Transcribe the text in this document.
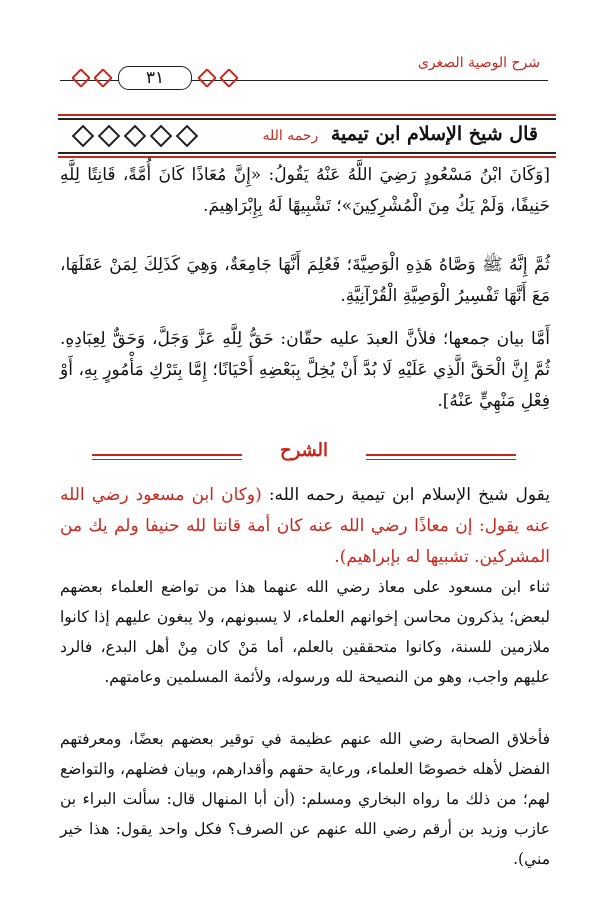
شرح الوصية الصغرى
٣١
قال شيخ الإسلام ابن تيمية رحمه الله

[وَكَانَ ابْنُ مَسْعُودٍ رَضِيَ اللَّهُ عَنْهُ يَقُولُ: «إِنَّ مُعَاذًا كَانَ أُمَّةً، قَانِتًا لِلَّهِ حَنِيفًا، وَلَمْ يَكُ مِنَ الْمُشْرِكِينَ»؛ تَشْبِيهًا لَهُ بِإِبْرَاهِيمَ.

ثُمَّ إِنَّهُ ﷺ وَصَّاهُ هَذِهِ الْوَصِيَّةَ؛ فَعُلِمَ أَنَّهَا جَامِعَةٌ، وَهِيَ كَذَلِكَ لِمَنْ عَقَلَهَا، مَعَ أَنَّهَا تَفْسِيرُ الْوَصِيَّةِ الْقُرْآنِيَّةِ.

أَمَّا بيان جمعها؛ فلأنَّ العبدَ عليه حقّان: حَقُّ لِلَّهِ عَزَّ وَجَلَّ، وَحَقٌّ لِعِبَادِهِ. ثُمَّ إِنَّ الْحَقَّ الَّذِي عَلَيْهِ لَا بُدَّ أَنْ يُخِلَّ بِبَعْضِهِ أَحْيَانًا؛ إِمَّا بِتَرْكِ مَأْمُورٍ بِهِ، أَوْ فِعْلِ مَنْهِيٍّ عَنْهُ].

الشرح

يقول شيخ الإسلام ابن تيمية رحمه الله: (وكان ابن مسعود رضي الله عنه يقول: إن معاذًا رضي الله عنه كان أمة قانتا لله حنيفا ولم يك من المشركين. تشبيها له بإبراهيم).

ثناء ابن مسعود على معاذ رضي الله عنهما هذا من تواضع العلماء بعضهم لبعض؛ يذكرون محاسن إخوانهم العلماء، لا يسبونهم، ولا يبغون عليهم إذا كانوا ملازمين للسنة، وكانوا متحققين بالعلم، أما مَنْ كان مِنْ أهل البدع، فالرد عليهم واجب، وهو من النصيحة لله ورسوله، ولأئمة المسلمين وعامتهم.

فأخلاق الصحابة رضي الله عنهم عظيمة في توقير بعضهم بعضًا، ومعرفتهم الفضل لأهله خصوصًا العلماء، ورعاية حقهم وأقدارهم، وبيان فضلهم، والتواضع لهم؛ من ذلك ما رواه البخاري ومسلم: (أن أبا المنهال قال: سألت البراء بن عازب وزيد بن أرقم رضي الله عنهم عن الصرف؟ فكل واحد يقول: هذا خير مني).
